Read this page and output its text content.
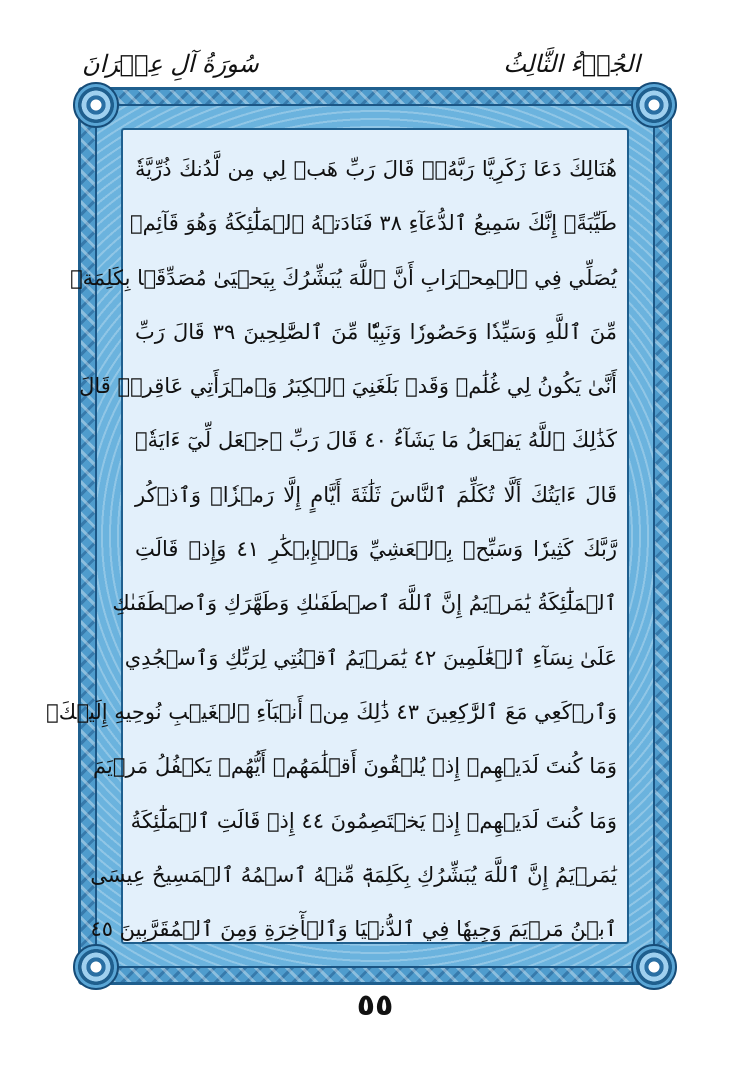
الجُزۡءُ الثَّالِثُ
سُورَةُ آلِ عِمۡرَانَ
هُنَالِكَ دَعَا زَكَرِيَّا رَبَّهُۥۖ قَالَ رَبِّ هَبۡ لِي مِن لَّدُنكَ ذُرِّيَّةٗ
طَيِّبَةًۖ إِنَّكَ سَمِيعُ ٱلدُّعَآءِ ٣٨ فَنَادَتۡهُ ٱلۡمَلَٰٓئِكَةُ وَهُوَ قَآئِمٞ
يُصَلِّي فِي ٱلۡمِحۡرَابِ أَنَّ ٱللَّهَ يُبَشِّرُكَ بِيَحۡيَىٰ مُصَدِّقَۢا بِكَلِمَةٖ
مِّنَ ٱللَّهِ وَسَيِّدٗا وَحَصُورٗا وَنَبِيّٗا مِّنَ ٱلصَّٰلِحِينَ ٣٩ قَالَ رَبِّ
أَنَّىٰ يَكُونُ لِي غُلَٰمٞ وَقَدۡ بَلَغَنِيَ ٱلۡكِبَرُ وَٱمۡرَأَتِي عَاقِرٞۖ قَالَ
كَذَٰلِكَ ٱللَّهُ يَفۡعَلُ مَا يَشَآءُ ٤٠ قَالَ رَبِّ ٱجۡعَل لِّيٓ ءَايَةٗۖ
قَالَ ءَايَتُكَ أَلَّا تُكَلِّمَ ٱلنَّاسَ ثَلَٰثَةَ أَيَّامٍ إِلَّا رَمۡزٗاۗ وَٱذۡكُر
رَّبَّكَ كَثِيرٗا وَسَبِّحۡ بِٱلۡعَشِيِّ وَٱلۡإِبۡكَٰرِ ٤١ وَإِذۡ قَالَتِ
ٱلۡمَلَٰٓئِكَةُ يَٰمَرۡيَمُ إِنَّ ٱللَّهَ ٱصۡطَفَىٰكِ وَطَهَّرَكِ وَٱصۡطَفَىٰكِ
عَلَىٰ نِسَآءِ ٱلۡعَٰلَمِينَ ٤٢ يَٰمَرۡيَمُ ٱقۡنُتِي لِرَبِّكِ وَٱسۡجُدِي
وَٱرۡكَعِي مَعَ ٱلرَّٰكِعِينَ ٤٣ ذَٰلِكَ مِنۡ أَنۢبَآءِ ٱلۡغَيۡبِ نُوحِيهِ إِلَيۡكَۚ
وَمَا كُنتَ لَدَيۡهِمۡ إِذۡ يُلۡقُونَ أَقۡلَٰمَهُمۡ أَيُّهُمۡ يَكۡفُلُ مَرۡيَمَ
وَمَا كُنتَ لَدَيۡهِمۡ إِذۡ يَخۡتَصِمُونَ ٤٤ إِذۡ قَالَتِ ٱلۡمَلَٰٓئِكَةُ
يَٰمَرۡيَمُ إِنَّ ٱللَّهَ يُبَشِّرُكِ بِكَلِمَةٖ مِّنۡهُ ٱسۡمُهُ ٱلۡمَسِيحُ عِيسَى
ٱبۡنُ مَرۡيَمَ وَجِيهٗا فِي ٱلدُّنۡيَا وَٱلۡأٓخِرَةِ وَمِنَ ٱلۡمُقَرَّبِينَ ٤٥
٥٥
